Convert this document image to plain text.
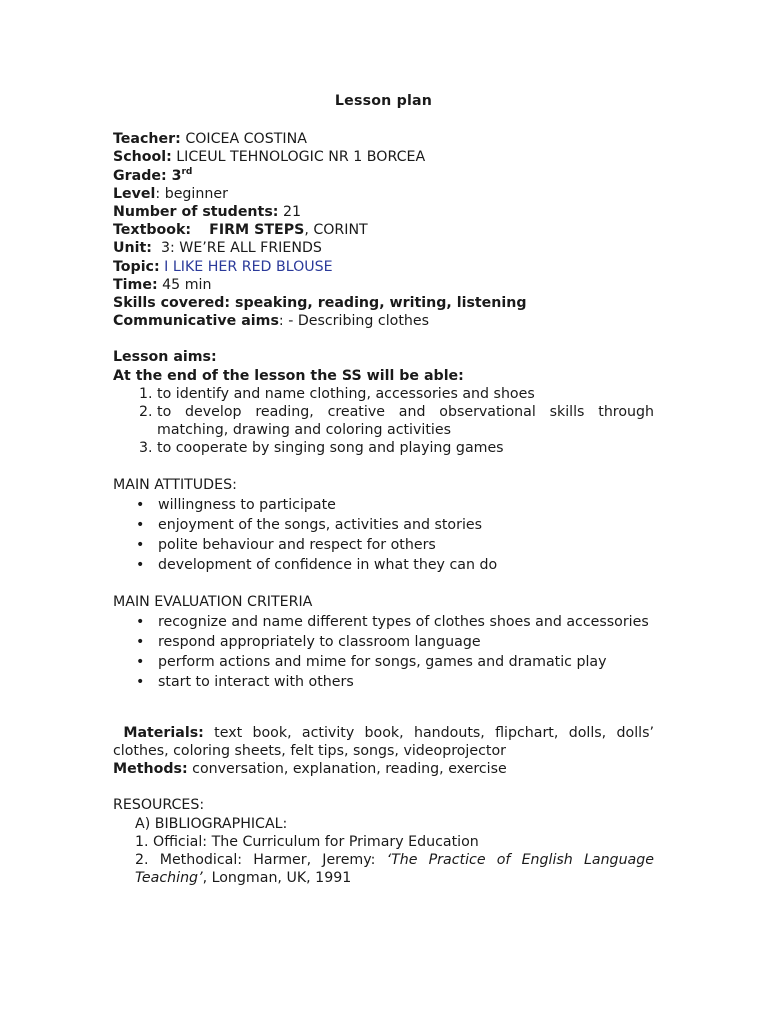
Lesson plan
Teacher: COICEA COSTINA
School: LICEUL TEHNOLOGIC NR 1 BORCEA
Grade: 3rd
Level: beginner
Number of students: 21
Textbook: FIRM STEPS, CORINT
Unit: 3: WE’RE ALL FRIENDS
Topic: I LIKE HER RED BLOUSE
Time: 45 min
Skills covered: speaking, reading, writing, listening
Communicative aims: - Describing clothes
Lesson aims:
At the end of the lesson the SS will be able:
1. to identify and name clothing, accessories and shoes
2. to develop reading, creative and observational skills through matching, drawing and coloring activities
3. to cooperate by singing song and playing games
MAIN ATTITUDES:
• willingness to participate
• enjoyment of the songs, activities and stories
• polite behaviour and respect for others
• development of confidence in what they can do
MAIN EVALUATION CRITERIA
• recognize and name different types of clothes shoes and accessories
• respond appropriately to classroom language
• perform actions and mime for songs, games and dramatic play
• start to interact with others
Materials: text book, activity book, handouts, flipchart, dolls, dolls’ clothes, coloring sheets, felt tips, songs, videoprojector
Methods: conversation, explanation, reading, exercise
RESOURCES:
A) BIBLIOGRAPHICAL:
1. Official: The Curriculum for Primary Education
2. Methodical: Harmer, Jeremy: ‘The Practice of English Language Teaching’, Longman, UK, 1991
